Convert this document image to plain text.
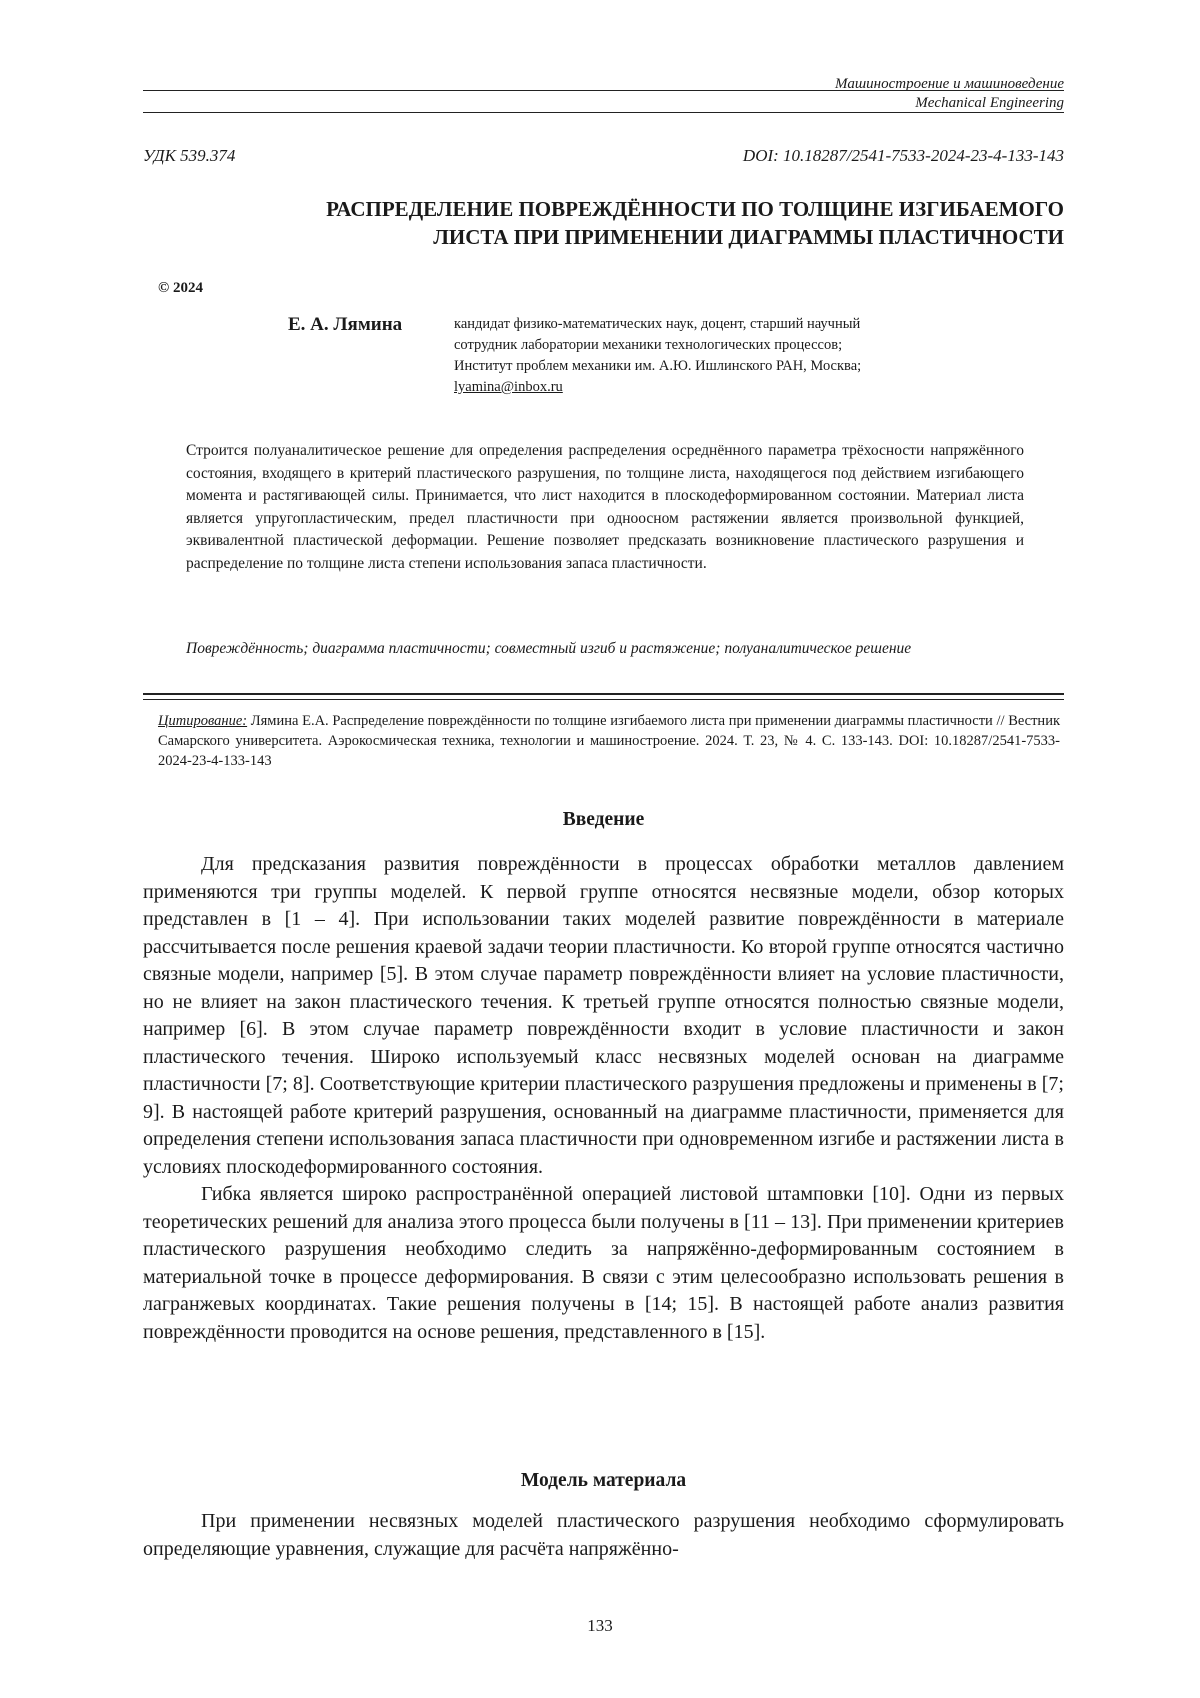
Машиностроение и машиноведение
Mechanical Engineering
УДК 539.374	DOI: 10.18287/2541-7533-2024-23-4-133-143
РАСПРЕДЕЛЕНИЕ ПОВРЕЖДЁННОСТИ ПО ТОЛЩИНЕ ИЗГИБАЕМОГО
ЛИСТА ПРИ ПРИМЕНЕНИИ ДИАГРАММЫ ПЛАСТИЧНОСТИ
© 2024
Е. А. Лямина	кандидат физико-математических наук, доцент, старший научный
сотрудник лаборатории механики технологических процессов;
Институт проблем механики им. А.Ю. Ишлинского РАН, Москва;
lyamina@inbox.ru
Строится полуаналитическое решение для определения распределения осреднённого параметра трёхосности напряжённого состояния, входящего в критерий пластического разрушения, по толщине листа, находящегося под действием изгибающего момента и растягивающей силы. Принимается, что лист находится в плоскодеформированном состоянии. Материал листа является упругопластическим, предел пластичности при одноосном растяжении является произвольной функцией, эквивалентной пластической деформации. Решение позволяет предсказать возникновение пластического разрушения и распределение по толщине листа степени использования запаса пластичности.
Повреждённость; диаграмма пластичности; совместный изгиб и растяжение; полуаналитическое решение
Цитирование: Лямина Е.А. Распределение повреждённости по толщине изгибаемого листа при применении диаграммы пластичности // Вестник Самарского университета. Аэрокосмическая техника, технологии и машиностроение. 2024. Т. 23, № 4. С. 133-143. DOI: 10.18287/2541-7533-2024-23-4-133-143
Введение

Для предсказания развития повреждённости в процессах обработки металлов давлением применяются три группы моделей. К первой группе относятся несвязные модели, обзор которых представлен в [1 – 4]. При использовании таких моделей развитие повреждённости в материале рассчитывается после решения краевой задачи теории пластичности. Ко второй группе относятся частично связные модели, например [5]. В этом случае параметр повреждённости влияет на условие пластичности, но не влияет на закон пластического течения. К третьей группе относятся полностью связные модели, например [6]. В этом случае параметр повреждённости входит в условие пластичности и закон пластического течения. Широко используемый класс несвязных моделей основан на диаграмме пластичности [7; 8]. Соответствующие критерии пластического разрушения предложены и применены в [7; 9]. В настоящей работе критерий разрушения, основанный на диаграмме пластичности, применяется для определения степени использования запаса пластичности при одновременном изгибе и растяжении листа в условиях плоскодеформированного состояния.

Гибка является широко распространённой операцией листовой штамповки [10]. Одни из первых теоретических решений для анализа этого процесса были получены в [11 – 13]. При применении критериев пластического разрушения необходимо следить за напряжённо-деформированным состоянием в материальной точке в процессе деформирования. В связи с этим целесообразно использовать решения в лагранжевых координатах. Такие решения получены в [14; 15]. В настоящей работе анализ развития повреждённости проводится на основе решения, представленного в [15].

Модель материала

При применении несвязных моделей пластического разрушения необходимо сформулировать определяющие уравнения, служащие для расчёта напряжённо-

133
